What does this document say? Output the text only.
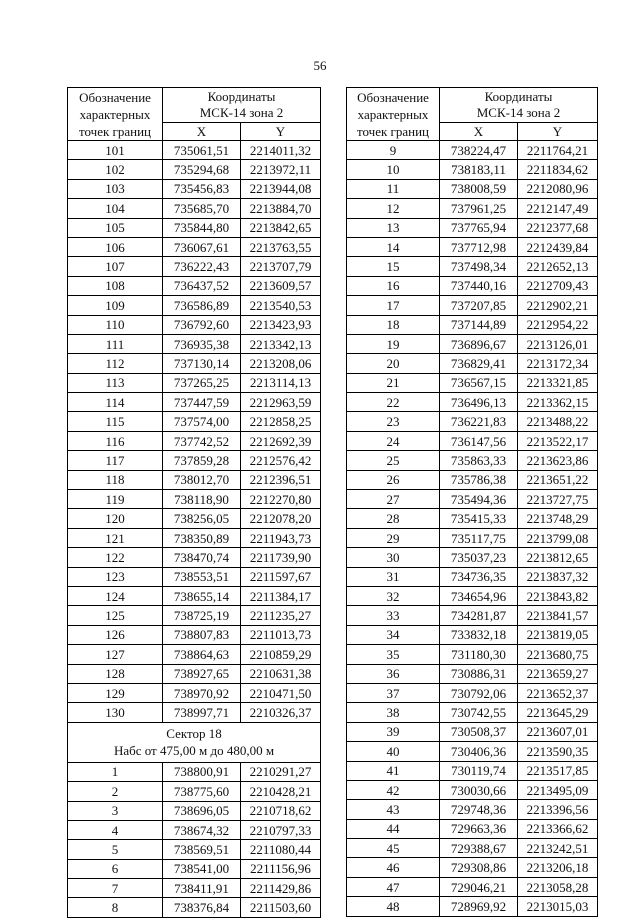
56
Обозначение
характерных
точек границ	Координаты
МСК-14 зона 2	
	X	Y
101	735061,51	2214011,32
102	735294,68	2213972,11
103	735456,83	2213944,08
104	735685,70	2213884,70
105	735844,80	2213842,65
106	736067,61	2213763,55
107	736222,43	2213707,79
108	736437,52	2213609,57
109	736586,89	2213540,53
110	736792,60	2213423,93
111	736935,38	2213342,13
112	737130,14	2213208,06
113	737265,25	2213114,13
114	737447,59	2212963,59
115	737574,00	2212858,25
116	737742,52	2212692,39
117	737859,28	2212576,42
118	738012,70	2212396,51
119	738118,90	2212270,80
120	738256,05	2212078,20
121	738350,89	2211943,73
122	738470,74	2211739,90
123	738553,51	2211597,67
124	738655,14	2211384,17
125	738725,19	2211235,27
126	738807,83	2211013,73
127	738864,63	2210859,29
128	738927,65	2210631,38
129	738970,92	2210471,50
130	738997,71	2210326,37
Сектор 18
Набс от 475,00 м до 480,00 м		
1	738800,91	2210291,27
2	738775,60	2210428,21
3	738696,05	2210718,62
4	738674,32	2210797,33
5	738569,51	2211080,44
6	738541,00	2211156,96
7	738411,91	2211429,86
8	738376,84	2211503,60
Обозначение
характерных
точек границ	Координаты
МСК-14 зона 2	
	X	Y
9	738224,47	2211764,21
10	738183,11	2211834,62
11	738008,59	2212080,96
12	737961,25	2212147,49
13	737765,94	2212377,68
14	737712,98	2212439,84
15	737498,34	2212652,13
16	737440,16	2212709,43
17	737207,85	2212902,21
18	737144,89	2212954,22
19	736896,67	2213126,01
20	736829,41	2213172,34
21	736567,15	2213321,85
22	736496,13	2213362,15
23	736221,83	2213488,22
24	736147,56	2213522,17
25	735863,33	2213623,86
26	735786,38	2213651,22
27	735494,36	2213727,75
28	735415,33	2213748,29
29	735117,75	2213799,08
30	735037,23	2213812,65
31	734736,35	2213837,32
32	734654,96	2213843,82
33	734281,87	2213841,57
34	733832,18	2213819,05
35	731180,30	2213680,75
36	730886,31	2213659,27
37	730792,06	2213652,37
38	730742,55	2213645,29
39	730508,37	2213607,01
40	730406,36	2213590,35
41	730119,74	2213517,85
42	730030,66	2213495,09
43	729748,36	2213396,56
44	729663,36	2213366,62
45	729388,67	2213242,51
46	729308,86	2213206,18
47	729046,21	2213058,28
48	728969,92	2213015,03
